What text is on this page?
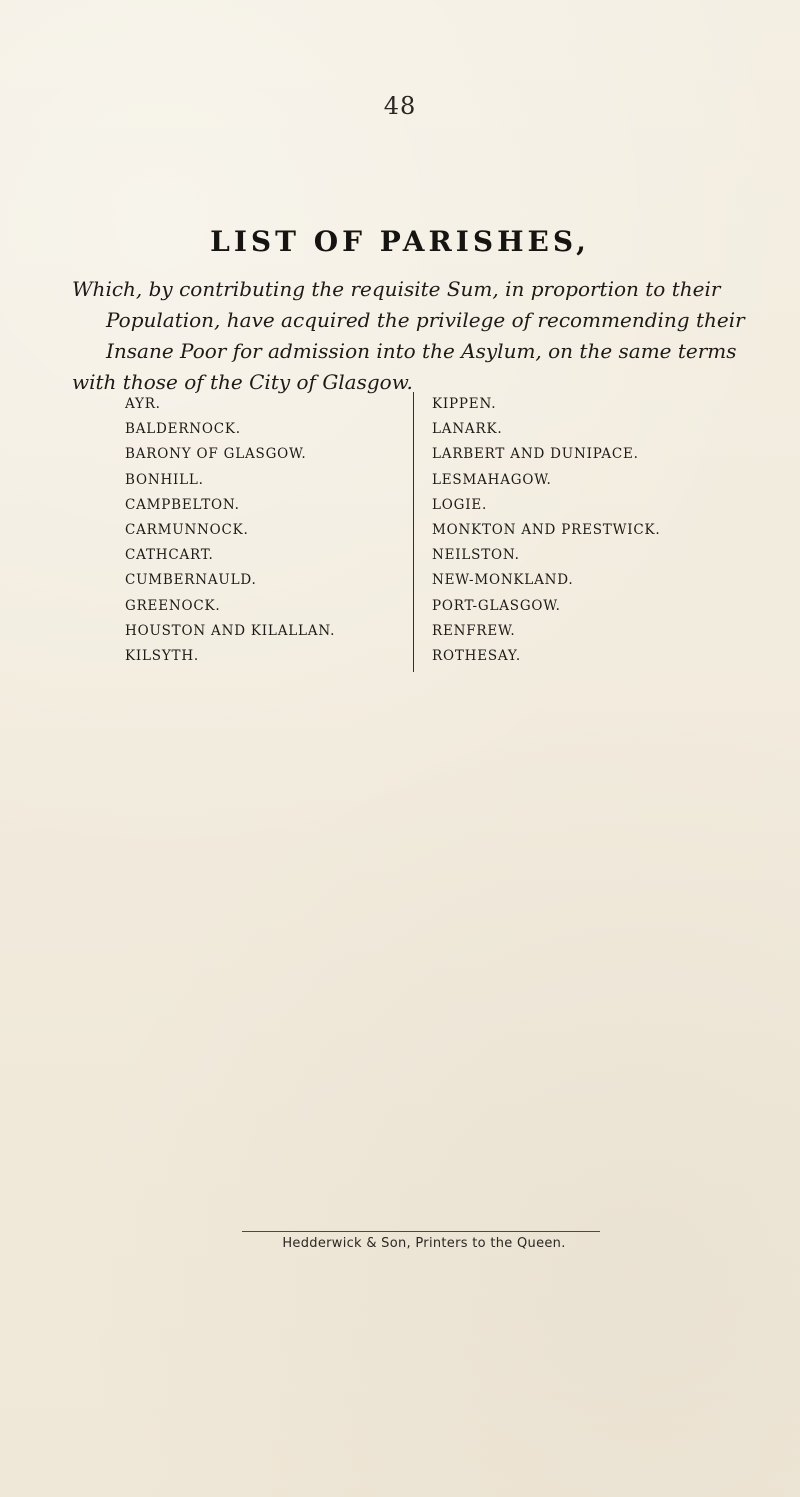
48
LIST OF PARISHES,
Which, by contributing the requisite Sum, in proportion to their
Population, have acquired the privilege of recommending their
Insane Poor for admission into the Asylum, on the same terms
with those of the City of Glasgow.
AYR.
BALDERNOCK.
BARONY OF GLASGOW.
BONHILL.
CAMPBELTON.
CARMUNNOCK.
CATHCART.
CUMBERNAULD.
GREENOCK.
HOUSTON AND KILALLAN.
KILSYTH.
KIPPEN.
LANARK.
LARBERT AND DUNIPACE.
LESMAHAGOW.
LOGIE.
MONKTON AND PRESTWICK.
NEILSTON.
NEW-MONKLAND.
PORT-GLASGOW.
RENFREW.
ROTHESAY.
Hedderwick & Son, Printers to the Queen.
